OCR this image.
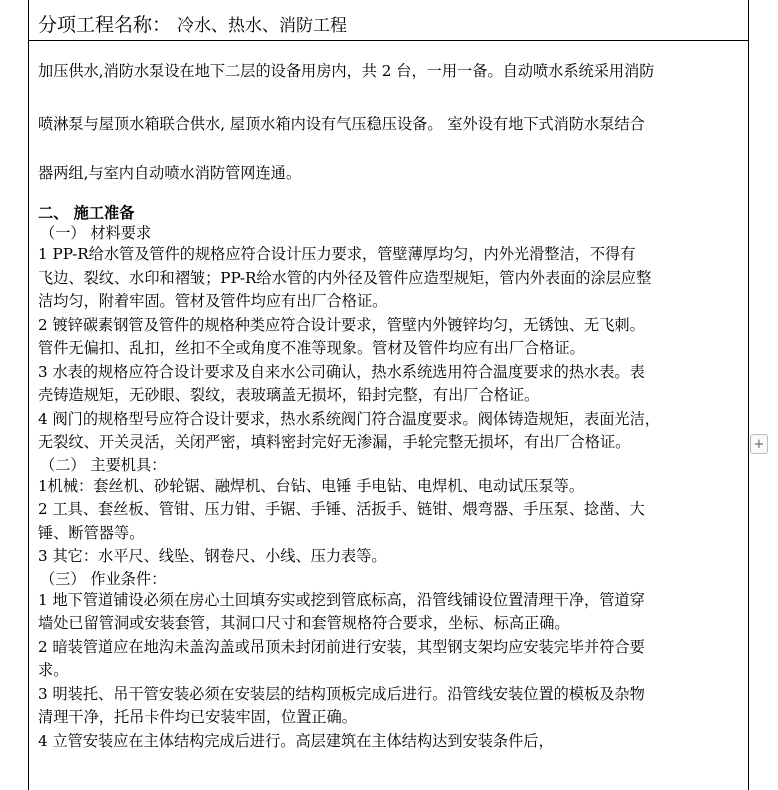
分项工程名称： 冷水、热水、消防工程

加压供水,消防水泵设在地下二层的设备用房内，共 2 台，一用一备。自动喷水系统采用消防

喷淋泵与屋顶水箱联合供水, 屋顶水箱内设有气压稳压设备。 室外设有地下式消防水泵结合

器两组,与室内自动喷水消防管网连通。

二、 施工准备

（一） 材料要求

1 PP-R给水管及管件的规格应符合设计压力要求，管壁薄厚均匀，内外光滑整洁，不得有
飞边、裂纹、水印和褶皱；PP-R给水管的内外径及管件应造型规矩，管内外表面的涂层应整
洁均匀，附着牢固。管材及管件均应有出厂合格证。

2 镀锌碳素钢管及管件的规格种类应符合设计要求，管壁内外镀锌均匀，无锈蚀、无飞刺。
管件无偏扣、乱扣，丝扣不全或角度不准等现象。管材及管件均应有出厂合格证。

3 水表的规格应符合设计要求及自来水公司确认，热水系统选用符合温度要求的热水表。表
壳铸造规矩，无砂眼、裂纹，表玻璃盖无损坏，铅封完整，有出厂合格证。

4 阀门的规格型号应符合设计要求，热水系统阀门符合温度要求。阀体铸造规矩，表面光洁，
无裂纹、开关灵活，关闭严密，填料密封完好无渗漏，手轮完整无损坏，有出厂合格证。

（二） 主要机具：

1机械：套丝机、砂轮锯、融焊机、台钻、电锤 手电钻、电焊机、电动试压泵等。

2 工具、套丝板、管钳、压力钳、手锯、手锤、活扳手、链钳、煨弯器、手压泵、捻凿、大
锤、断管器等。

3 其它：水平尺、线坠、钢卷尺、小线、压力表等。

（三） 作业条件：

1 地下管道铺设必须在房心土回填夯实或挖到管底标高，沿管线铺设位置清理干净，管道穿
墙处已留管洞或安装套管，其洞口尺寸和套管规格符合要求，坐标、标高正确。

2 暗装管道应在地沟未盖沟盖或吊顶未封闭前进行安装，其型钢支架均应安装完毕并符合要
求。

3 明装托、吊干管安装必须在安装层的结构顶板完成后进行。沿管线安装位置的模板及杂物
清理干净，托吊卡件均已安装牢固，位置正确。

4 立管安装应在主体结构完成后进行。高层建筑在主体结构达到安装条件后，

+
